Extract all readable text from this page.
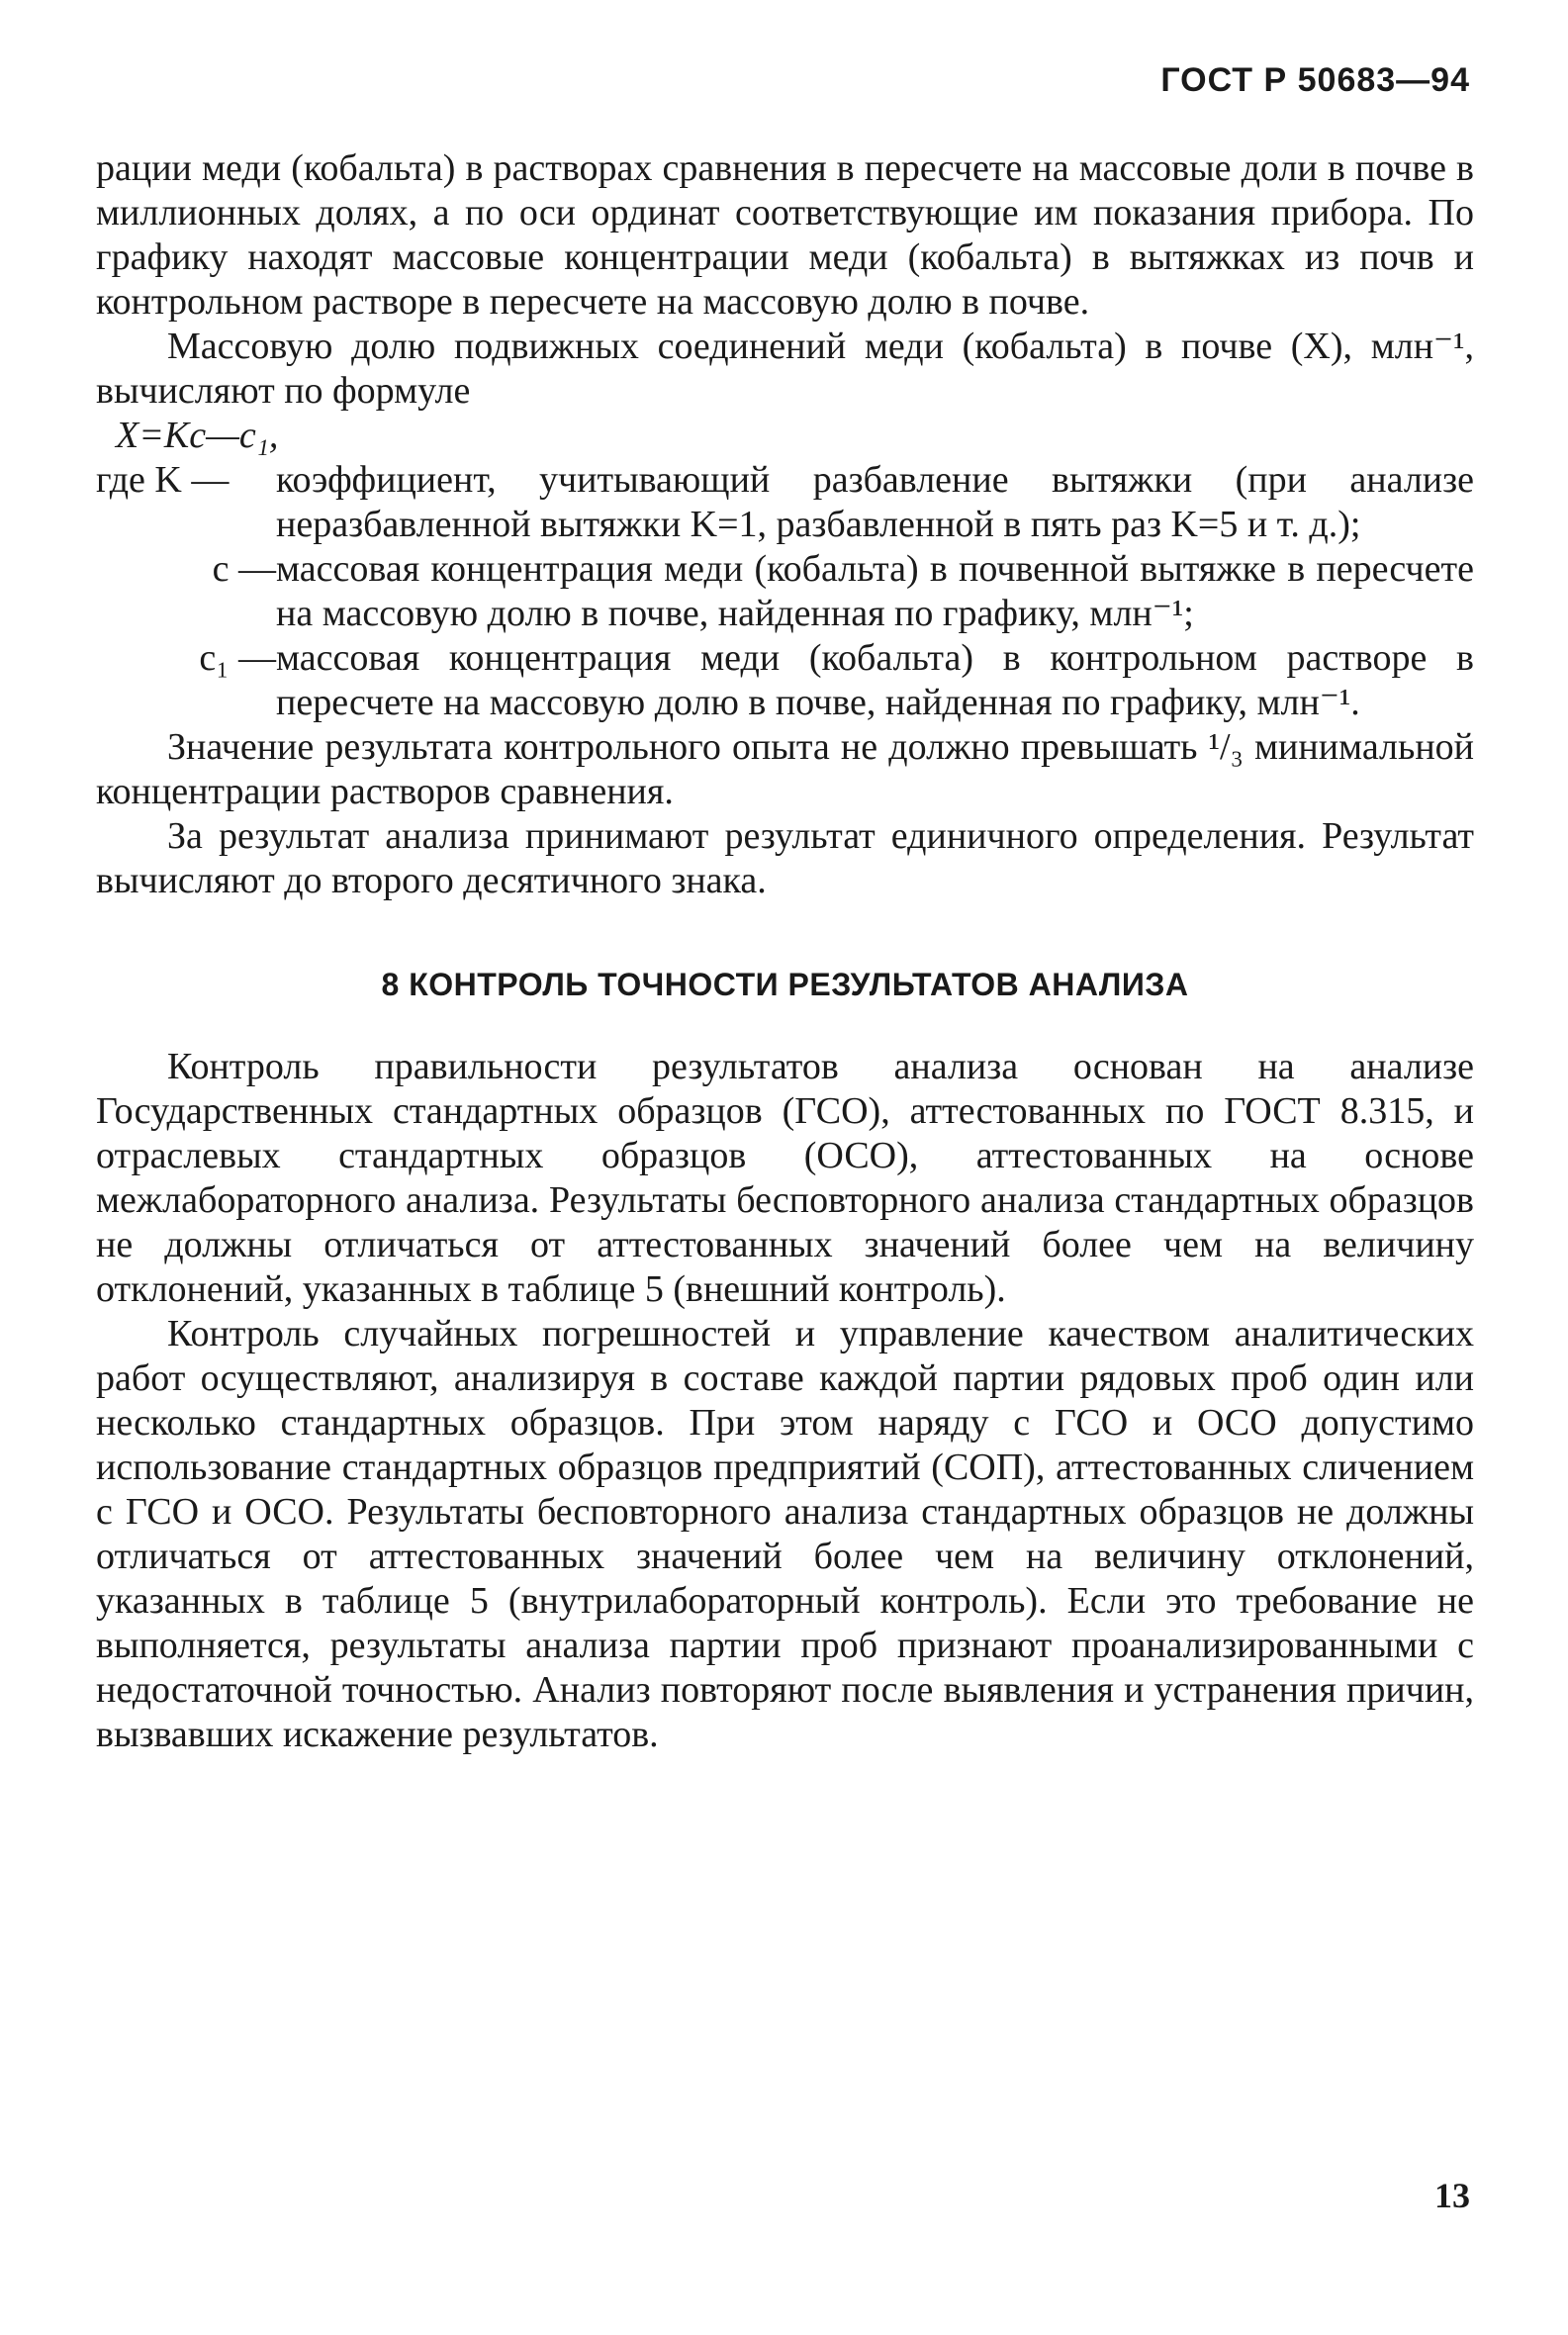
ГОСТ Р 50683—94

рации меди (кобальта) в растворах сравнения в пересчете на массовые доли в почве в миллионных долях, а по оси ординат соответствующие им показания прибора. По графику находят массовые концентрации меди (кобальта) в вытяжках из почв и контрольном растворе в пересчете на массовую долю в почве.

Массовую долю подвижных соединений меди (кобальта) в почве (X), млн⁻¹, вычисляют по формуле

X=Kc—c₁,

где K —	коэффициент, учитывающий разбавление вытяжки (при анализе неразбавленной вытяжки K=1, разбавленной в пять раз K=5 и т. д.);
c — массовая концентрация меди (кобальта) в почвенной вытяжке в пересчете на массовую долю в почве, найденная по графику, млн⁻¹;
c₁ — массовая концентрация меди (кобальта) в контрольном растворе в пересчете на массовую долю в почве, найденная по графику, млн⁻¹.

Значение результата контрольного опыта не должно превышать ¹/₃ минимальной концентрации растворов сравнения.

За результат анализа принимают результат единичного определения. Результат вычисляют до второго десятичного знака.

8 КОНТРОЛЬ ТОЧНОСТИ РЕЗУЛЬТАТОВ АНАЛИЗА

Контроль правильности результатов анализа основан на анализе Государственных стандартных образцов (ГСО), аттестованных по ГОСТ 8.315, и отраслевых стандартных образцов (ОСО), аттестованных на основе межлабораторного анализа. Результаты бесповторного анализа стандартных образцов не должны отличаться от аттестованных значений более чем на величину отклонений, указанных в таблице 5 (внешний контроль).

Контроль случайных погрешностей и управление качеством аналитических работ осуществляют, анализируя в составе каждой партии рядовых проб один или несколько стандартных образцов. При этом наряду с ГСО и ОСО допустимо использование стандартных образцов предприятий (СОП), аттестованных сличением с ГСО и ОСО. Результаты бесповторного анализа стандартных образцов не должны отличаться от аттестованных значений более чем на величину отклонений, указанных в таблице 5 (внутрилабораторный контроль). Если это требование не выполняется, результаты анализа партии проб признают проанализированными с недостаточной точностью. Анализ повторяют после выявления и устранения причин, вызвавших искажение результатов.

13
